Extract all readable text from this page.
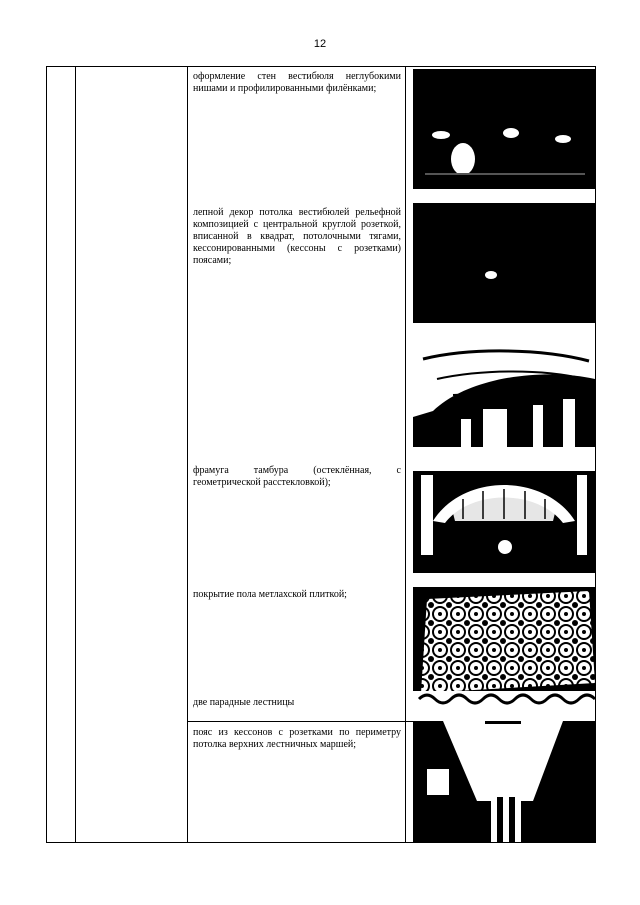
12
оформление стен вестибюля неглубокими нишами и профилированными филёнками;
лепной декор потолка вестибюлей рельефной композицией с центральной круглой розеткой, вписанной в квадрат, потолочными тягами, кессонированными (кессоны с розетками) поясами;
фрамуга тамбура (остеклённая, с геометрической расстекловкой);
покрытие пола метлахской плиткой;
две парадные лестницы
пояс из кессонов с розетками по периметру потолка верхних лестничных маршей;
